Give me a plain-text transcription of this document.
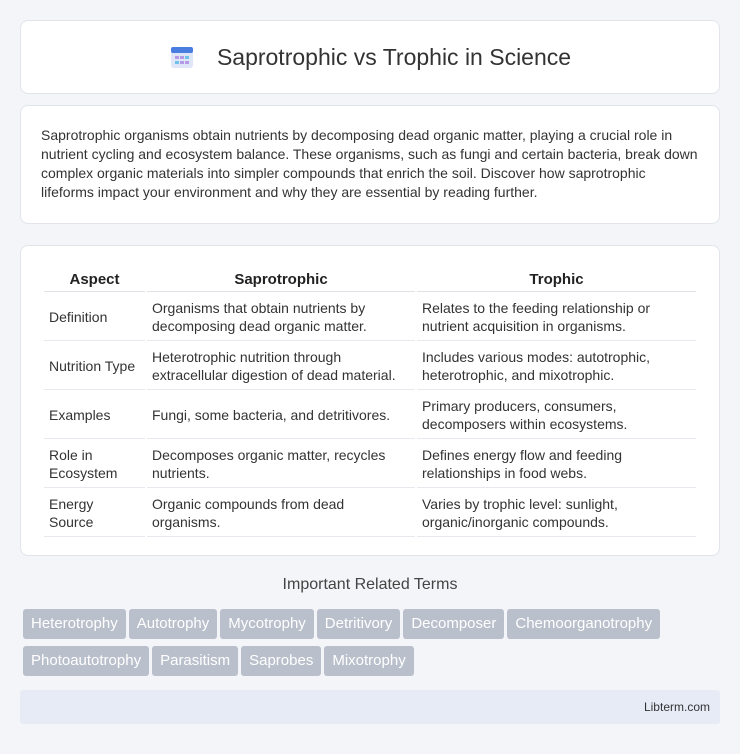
Saprotrophic vs Trophic in Science

Saprotrophic organisms obtain nutrients by decomposing dead organic matter, playing a crucial role in nutrient cycling and ecosystem balance. These organisms, such as fungi and certain bacteria, break down complex organic materials into simpler compounds that enrich the soil. Discover how saprotrophic lifeforms impact your environment and why they are essential by reading further.

Aspect	Saprotrophic	Trophic
Definition	Organisms that obtain nutrients by decomposing dead organic matter.	Relates to the feeding relationship or nutrient acquisition in organisms.
Nutrition Type	Heterotrophic nutrition through extracellular digestion of dead material.	Includes various modes: autotrophic, heterotrophic, and mixotrophic.
Examples	Fungi, some bacteria, and detritivores.	Primary producers, consumers, decomposers within ecosystems.
Role in Ecosystem	Decomposes organic matter, recycles nutrients.	Defines energy flow and feeding relationships in food webs.
Energy Source	Organic compounds from dead organisms.	Varies by trophic level: sunlight, organic/inorganic compounds.
Important Related Terms
Heterotrophy Autotrophy Mycotrophy Detritivory Decomposer Chemoorganotrophy
Photoautotrophy Parasitism Saprobes Mixotrophy
Libterm.com
